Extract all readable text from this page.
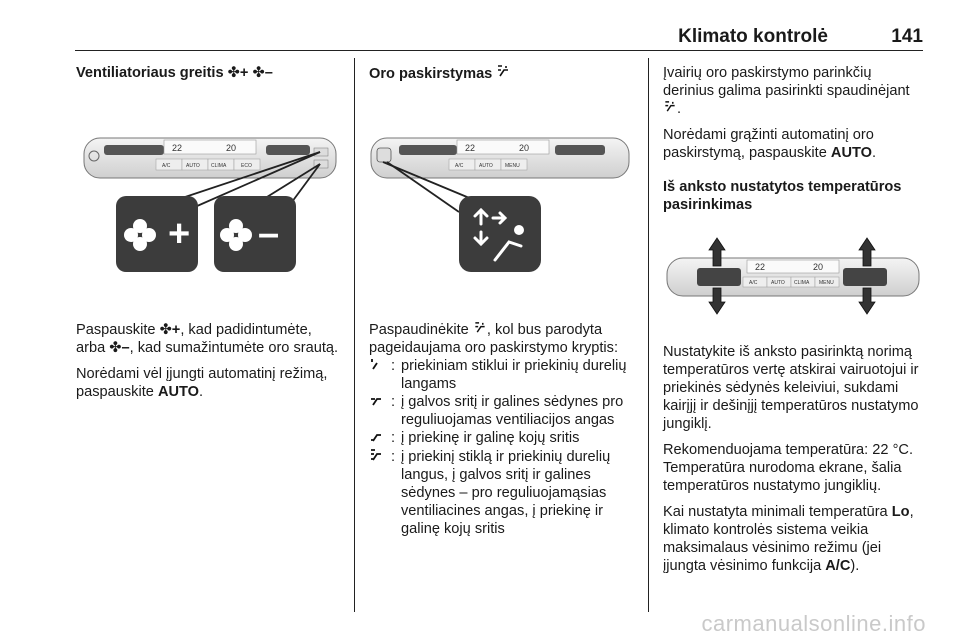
Klimato kontrolė	141

Ventiliatoriaus greitis ✤+ ✤–

22	20
A/C	AUTO CLIMA	ECO
+ –

Paspauskite ✤+, kad padidintumėte, arba ✤–, kad sumažintumėte oro srautą.

Norėdami vėl įjungti automatinį režimą, paspauskite AUTO.

Oro paskirstymas

22	20
A/C	AUTO MENU

Paspaudinėkite , kol bus parodyta pageidaujama oro paskirstymo kryptis:

: priekiniam stiklui ir priekinių durelių langams
: į galvos sritį ir galines sėdynes pro reguliuojamas ventiliacijos angas
: į priekinę ir galinę kojų sritis
: į priekinį stiklą ir priekinių durelių langus, į galvos sritį ir galines sėdynes – pro reguliuojamąsias ventiliacines angas, į priekinę ir galinę kojų sritis

Įvairių oro paskirstymo parinkčių derinius galima pasirinkti spaudinėjant .

Norėdami grąžinti automatinį oro paskirstymą, paspauskite AUTO.

Iš anksto nustatytos temperatūros pasirinkimas

22	20
A/C	AUTO CLIMA MENU

Nustatykite iš anksto pasirinktą norimą temperatūros vertę atskirai vairuotojui ir priekinės sėdynės keleiviui, sukdami kairįjį ir dešinįjį temperatūros nustatymo jungiklį.

Rekomenduojama temperatūra: 22 °C. Temperatūra nurodoma ekrane, šalia temperatūros nustatymo jungiklių.

Kai nustatyta minimali temperatūra Lo, klimato kontrolės sistema veikia maksimalaus vėsinimo režimu (jei įjungta vėsinimo funkcija A/C).

carmanualsonline.info
